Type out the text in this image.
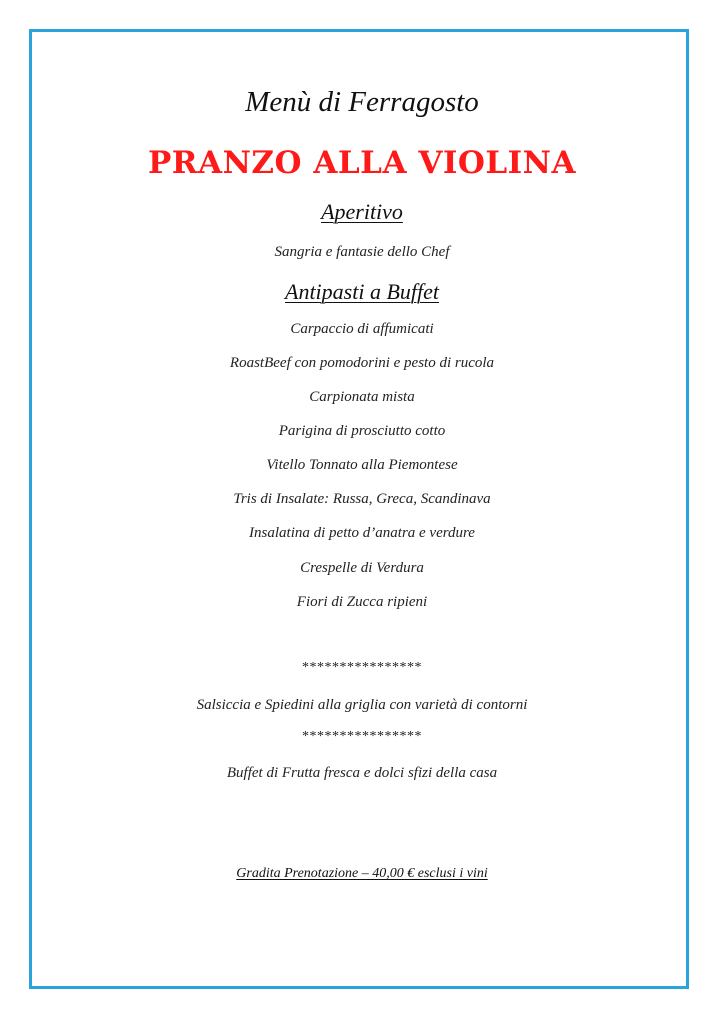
Menù di Ferragosto
PRANZO ALLA VIOLINA
Aperitivo
Sangria e fantasie dello Chef
Antipasti a Buffet
Carpaccio di affumicati
RoastBeef con pomodorini e pesto di rucola
Carpionata mista
Parigina di prosciutto cotto
Vitello Tonnato alla Piemontese
Tris di Insalate: Russa, Greca, Scandinava
Insalatina di petto d’anatra e verdure
Crespelle di Verdura
Fiori di Zucca ripieni
****************
Salsiccia e Spiedini alla griglia con varietà di contorni
****************
Buffet di Frutta fresca e dolci sfizi della casa
Gradita Prenotazione – 40,00 € esclusi i vini
